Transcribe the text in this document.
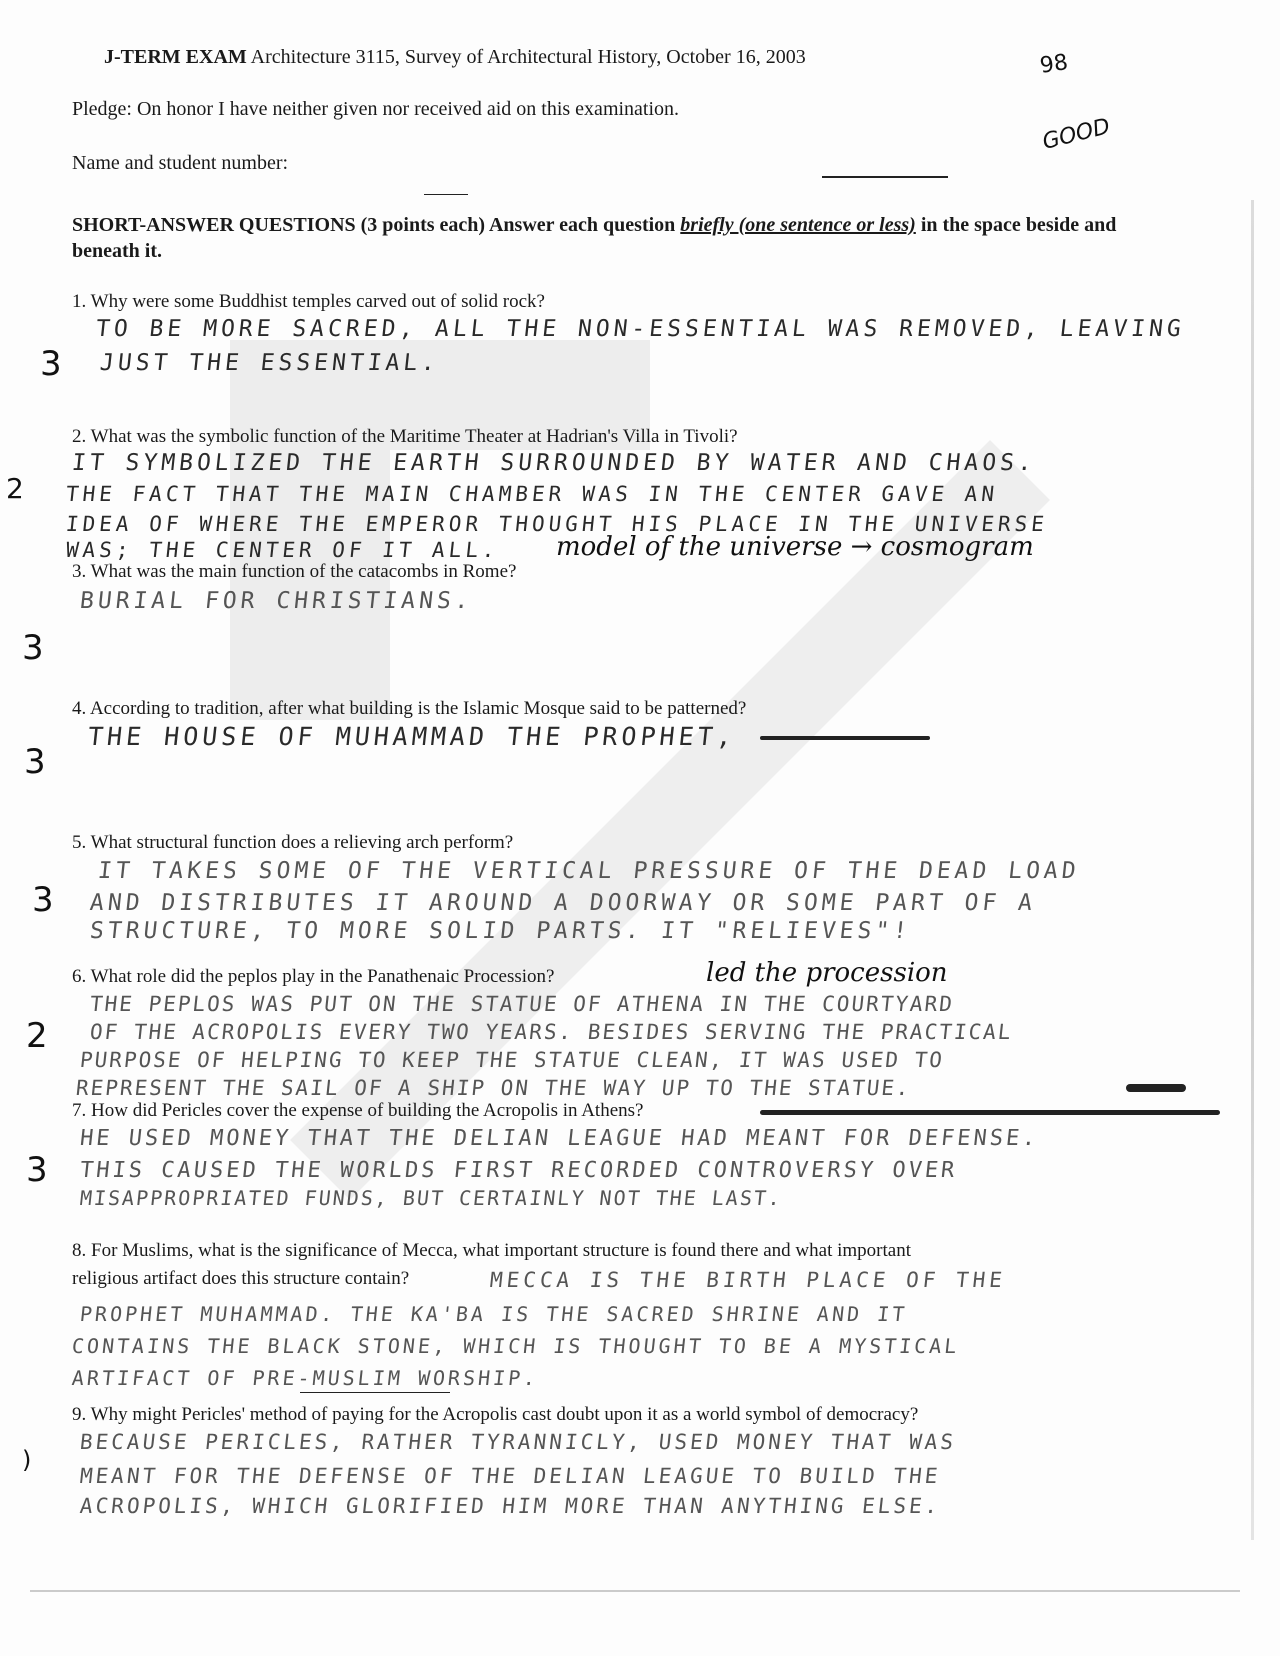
J-TERM EXAM Architecture 3115, Survey of Architectural History, October 16, 2003	98
GOOD
Pledge: On honor I have neither given nor received aid on this examination.
Name and student number:
SHORT-ANSWER QUESTIONS (3 points each) Answer each question briefly (one sentence or less) in the space beside and beneath it.
1. Why were some Buddhist temples carved out of solid rock?
TO BE MORE SACRED, ALL THE NON-ESSENTIAL WAS REMOVED, LEAVING
JUST THE ESSENTIAL.
3
2. What was the symbolic function of the Maritime Theater at Hadrian's Villa in Tivoli?
IT SYMBOLIZED THE EARTH SURROUNDED BY WATER AND CHAOS.
THE FACT THAT THE MAIN CHAMBER WAS IN THE CENTER GAVE AN
IDEA OF WHERE THE EMPEROR THOUGHT HIS PLACE IN THE UNIVERSE
WAS; THE CENTER OF IT ALL. model of the universe → cosmogram
2
3. What was the main function of the catacombs in Rome?
BURIAL FOR CHRISTIANS.
3
4. According to tradition, after what building is the Islamic Mosque said to be patterned?
THE HOUSE OF MUHAMMAD THE PROPHET,
3
5. What structural function does a relieving arch perform?
IT TAKES SOME OF THE VERTICAL PRESSURE OF THE DEAD LOAD
AND DISTRIBUTES IT AROUND A DOORWAY OR SOME PART OF A
STRUCTURE, TO MORE SOLID PARTS. IT "RELIEVES"!
3
6. What role did the peplos play in the Panathenaic Procession?	led the procession
THE PEPLOS WAS PUT ON THE STATUE OF ATHENA IN THE COURTYARD
OF THE ACROPOLIS EVERY TWO YEARS. BESIDES SERVING THE PRACTICAL
PURPOSE OF HELPING TO KEEP THE STATUE CLEAN, IT WAS USED TO
REPRESENT THE SAIL OF A SHIP ON THE WAY UP TO THE STATUE.
2
7. How did Pericles cover the expense of building the Acropolis in Athens?
HE USED MONEY THAT THE DELIAN LEAGUE HAD MEANT FOR DEFENSE.
THIS CAUSED THE WORLDS FIRST RECORDED CONTROVERSY OVER
MISAPPROPRIATED FUNDS, BUT CERTAINLY NOT THE LAST.
3
8. For Muslims, what is the significance of Mecca, what important structure is found there and what important
religious artifact does this structure contain?	MECCA IS THE BIRTH PLACE OF THE
PROPHET MUHAMMAD. THE KA'BA IS THE SACRED SHRINE AND IT
CONTAINS THE BLACK STONE, WHICH IS THOUGHT TO BE A MYSTICAL
ARTIFACT OF PRE-MUSLIM WORSHIP.
9. Why might Pericles' method of paying for the Acropolis cast doubt upon it as a world symbol of democracy?
BECAUSE PERICLES, RATHER TYRANNICLY, USED MONEY THAT WAS
MEANT FOR THE DEFENSE OF THE DELIAN LEAGUE TO BUILD THE
ACROPOLIS, WHICH GLORIFIED HIM MORE THAN ANYTHING ELSE.
)
